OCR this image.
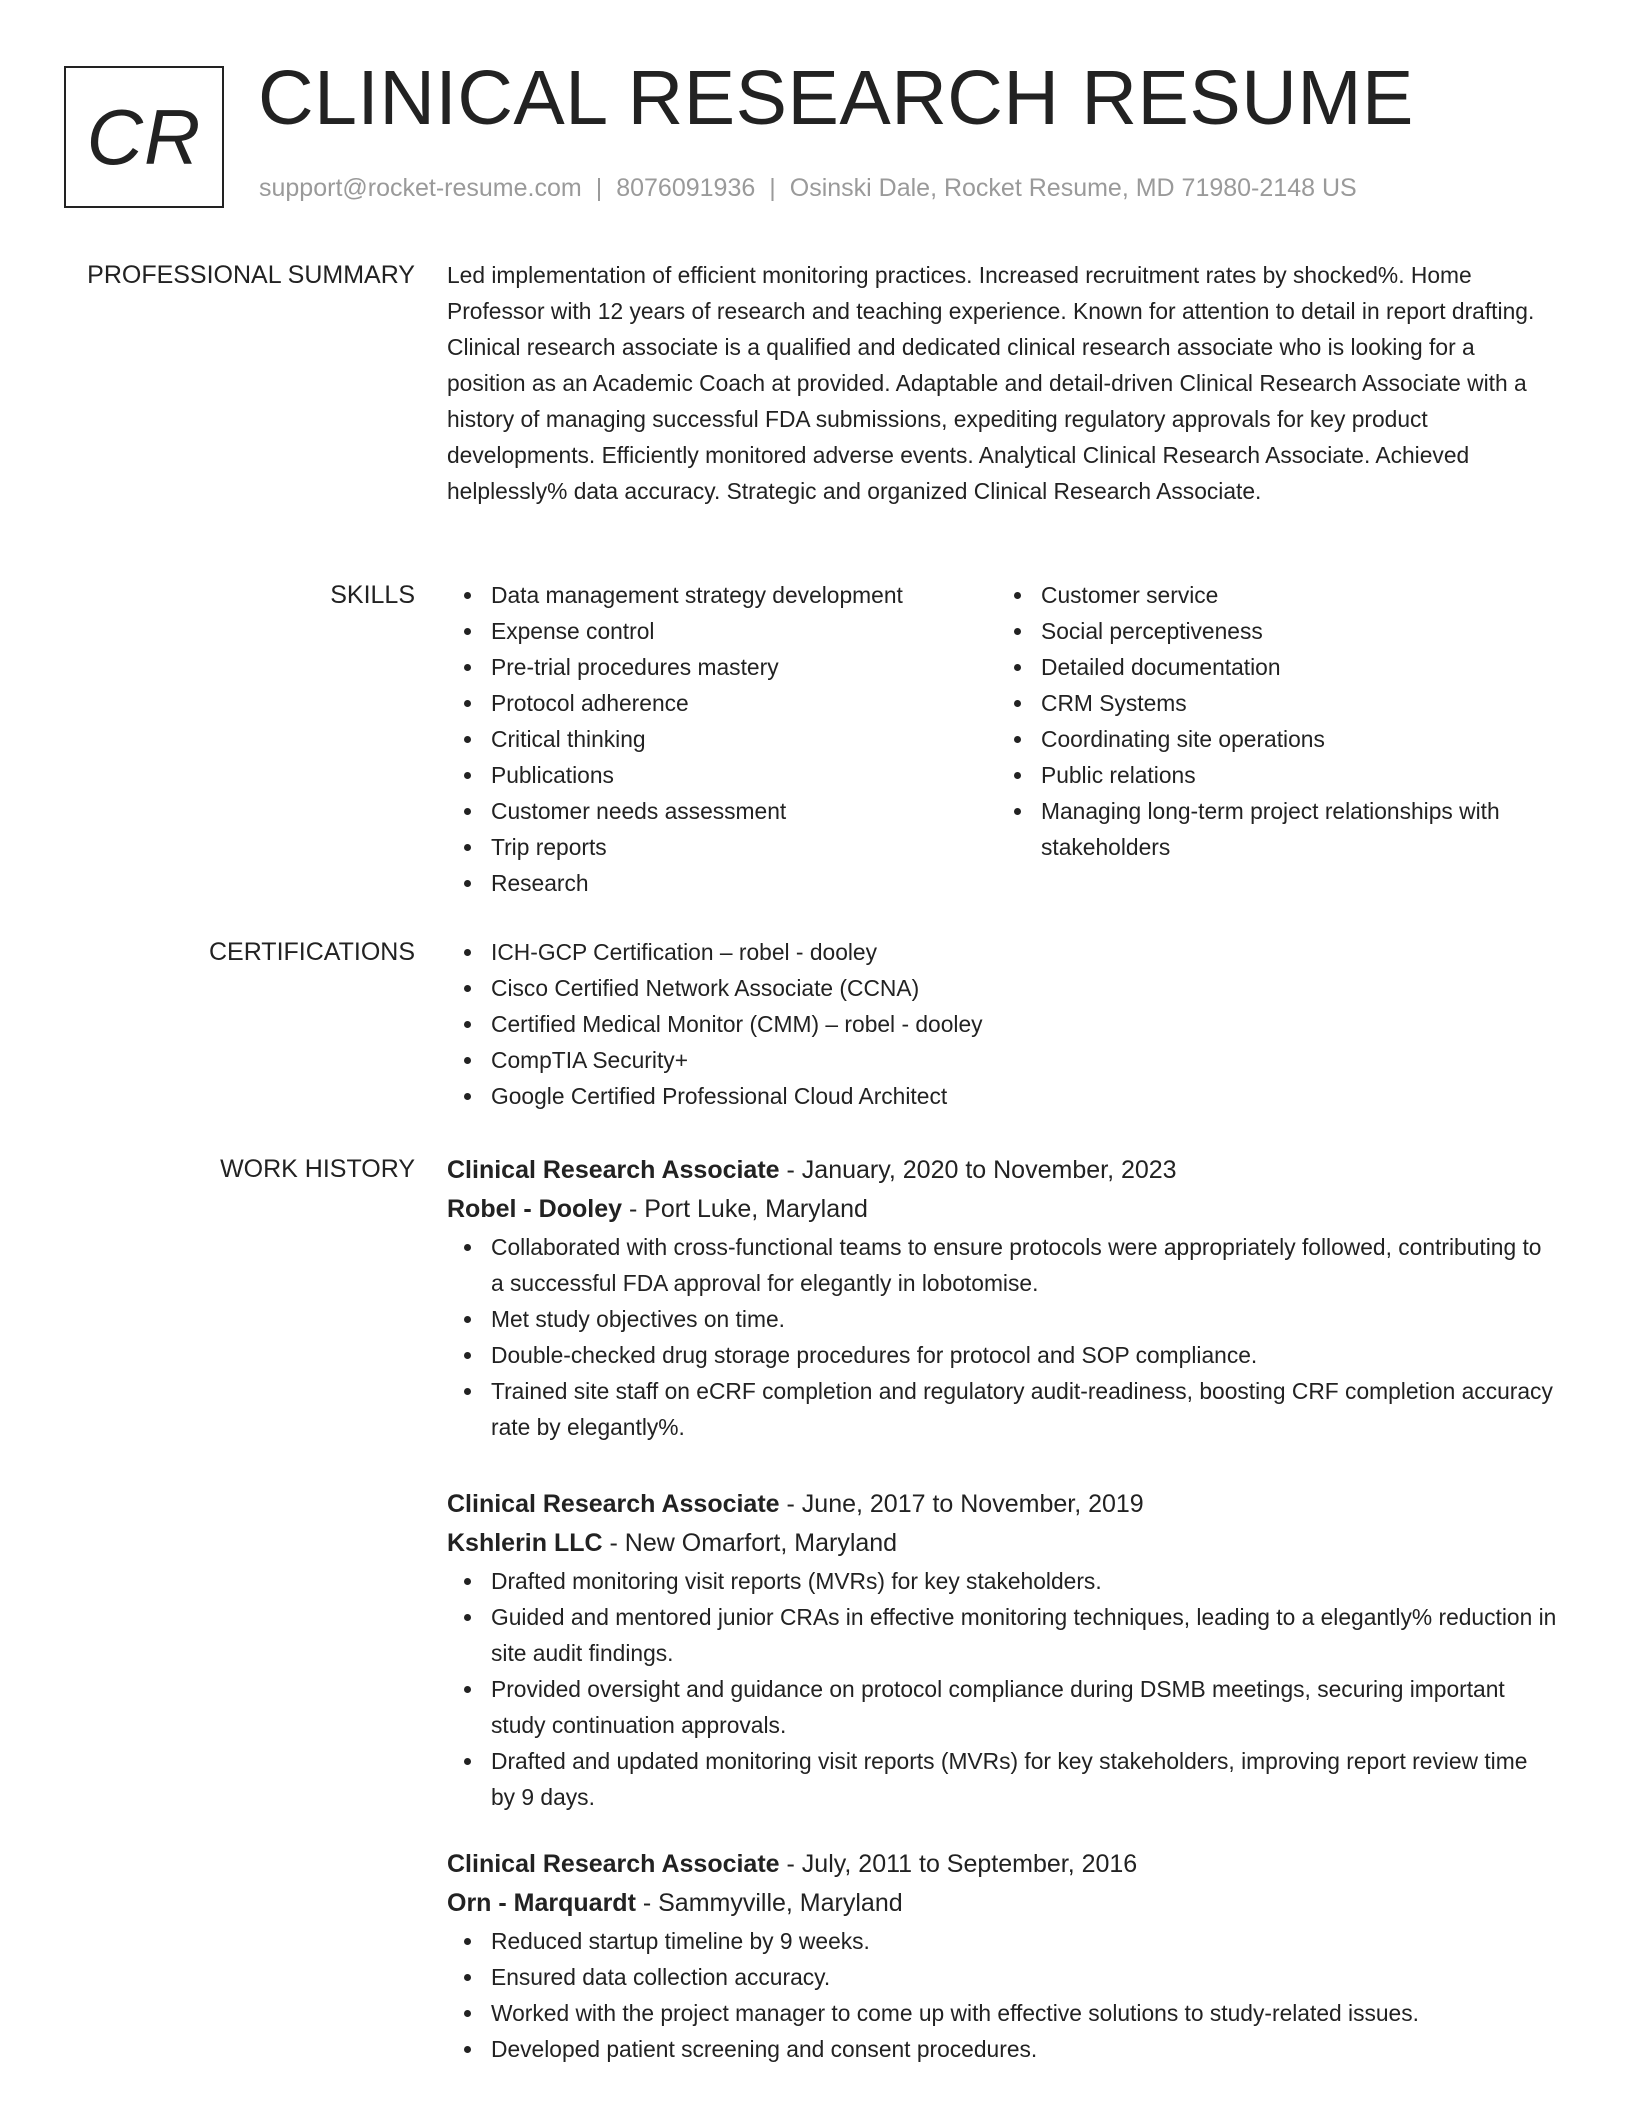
CR CLINICAL RESEARCH RESUME
support@rocket-resume.com | 8076091936 | Osinski Dale, Rocket Resume, MD 71980-2148 US
PROFESSIONAL SUMMARY Led implementation of efficient monitoring practices. Increased recruitment rates by shocked%. Home Professor with 12 years of research and teaching experience. Known for attention to detail in report drafting. Clinical research associate is a qualified and dedicated clinical research associate who is looking for a position as an Academic Coach at provided. Adaptable and detail-driven Clinical Research Associate with a history of managing successful FDA submissions, expediting regulatory approvals for key product developments. Efficiently monitored adverse events. Analytical Clinical Research Associate. Achieved helplessly% data accuracy. Strategic and organized Clinical Research Associate.

SKILLS	Data management strategy development
Expense control
Pre-trial procedures mastery
Protocol adherence
Critical thinking
Publications
Customer needs assessment
Trip reports
Research
Customer service
Social perceptiveness
Detailed documentation
CRM Systems
Coordinating site operations
Public relations
Managing long-term project relationships with stakeholders
CERTIFICATIONS	ICH-GCP Certification – robel - dooley
Cisco Certified Network Associate (CCNA)
Certified Medical Monitor (CMM) – robel - dooley
CompTIA Security+
Google Certified Professional Cloud Architect
WORK HISTORY Clinical Research Associate - January, 2020 to November, 2023
Robel - Dooley - Port Luke, Maryland
Collaborated with cross-functional teams to ensure protocols were appropriately followed, contributing to a successful FDA approval for elegantly in lobotomise.
Met study objectives on time.
Double-checked drug storage procedures for protocol and SOP compliance.
Trained site staff on eCRF completion and regulatory audit-readiness, boosting CRF completion accuracy rate by elegantly%.
Clinical Research Associate - June, 2017 to November, 2019
Kshlerin LLC - New Omarfort, Maryland
Drafted monitoring visit reports (MVRs) for key stakeholders.
Guided and mentored junior CRAs in effective monitoring techniques, leading to a elegantly% reduction in site audit findings.
Provided oversight and guidance on protocol compliance during DSMB meetings, securing important study continuation approvals.
Drafted and updated monitoring visit reports (MVRs) for key stakeholders, improving report review time by 9 days.
Clinical Research Associate - July, 2011 to September, 2016
Orn - Marquardt - Sammyville, Maryland
Reduced startup timeline by 9 weeks.
Ensured data collection accuracy.
Worked with the project manager to come up with effective solutions to study-related issues.
Developed patient screening and consent procedures.
